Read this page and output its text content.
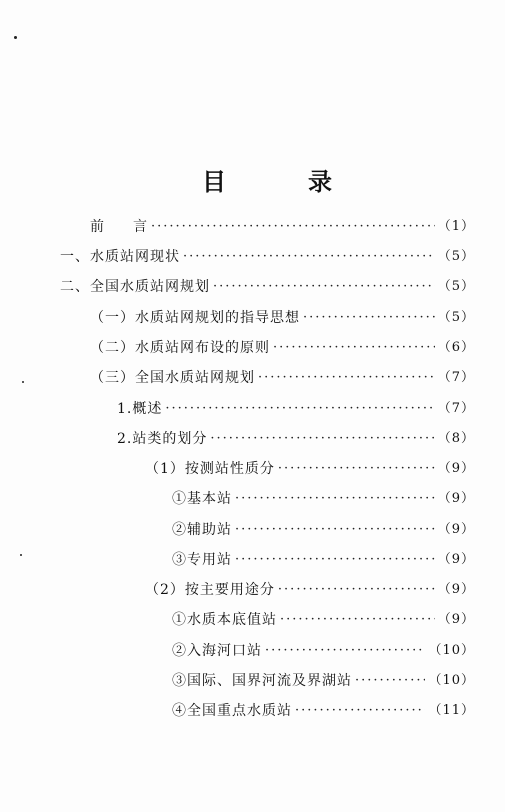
目	录
前 言 ·····	（1）
一、水质站网现状 ·····	（5）
二、全国水质站网规划 ·····	（5）
（一）水质站网规划的指导思想 ·····	（5）
（二）水质站网布设的原则 ·····	（6）
（三）全国水质站网规划 ·····	（7）
1.概述 ·····	（7）
2.站类的划分 ·····	（8）
（1）按测站性质分 ·····	（9）
①基本站 ·····	（9）
②辅助站 ·····	（9）
③专用站 ·····	（9）
（2）按主要用途分 ·····	（9）
①水质本底值站 ·····	（9）
②入海河口站 ·····	（10）
③国际、国界河流及界湖站 ·····	（10）
④全国重点水质站 ·····	（11）
